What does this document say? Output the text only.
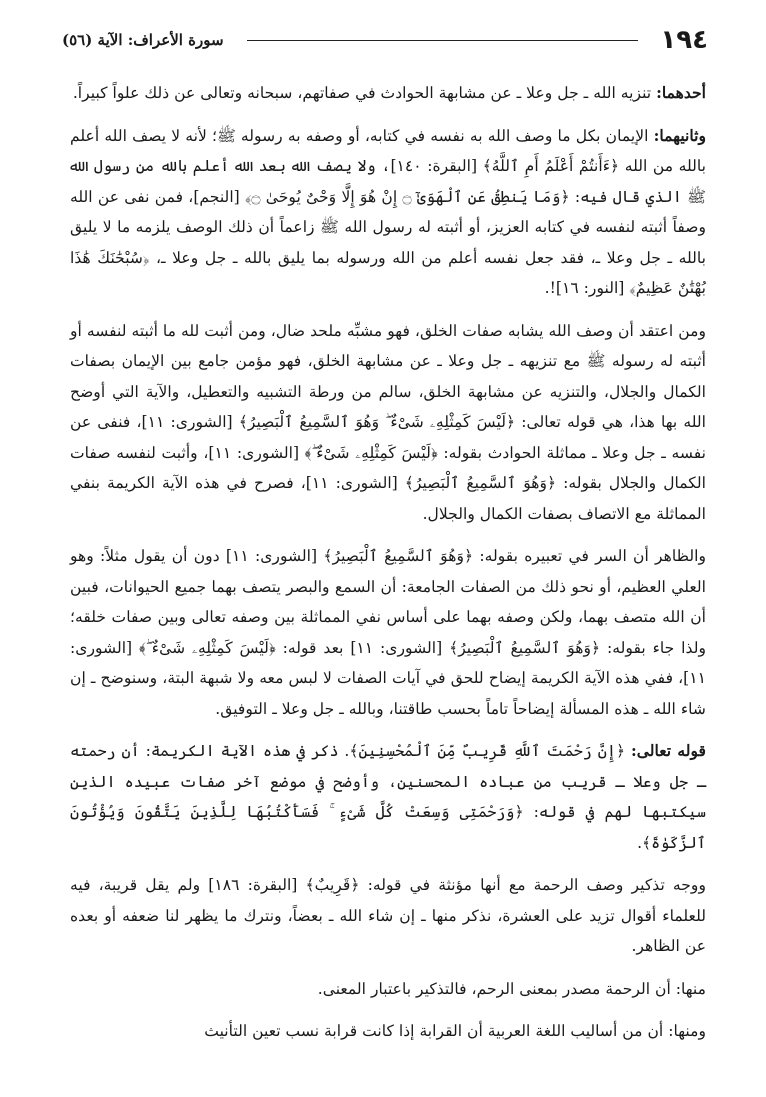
١٩٤
سورة الأعراف: الآية (٥٦)

أحدهما: تنزيه الله ـ جل وعلا ـ عن مشابهة الحوادث في صفاتهم، سبحانه وتعالى عن ذلك علواً كبيراً.

وثانيهما: الإيمان بكل ما وصف الله به نفسه في كتابه، أو وصفه به رسوله ﷺ؛ لأنه لا يصف الله أعلم بالله من الله ﴿ءَأَنتُمْ أَعْلَمُ أَمِ ٱللَّهُ﴾ [البقرة: ١٤٠]، ولا يصف الله بعد الله أعلم بالله من رسول الله ﷺ الذي قال فيه: ﴿وَمَا يَنطِقُ عَنِ ٱلْهَوَىٰٓ ۝ إِنْ هُوَ إِلَّا وَحْىٌ يُوحَىٰ ۝﴾ [النجم]، فمن نفى عن الله وصفاً أثبته لنفسه في كتابه العزيز، أو أثبته له رسول الله ﷺ زاعماً أن ذلك الوصف يلزمه ما لا يليق بالله ـ جل وعلا ـ، فقد جعل نفسه أعلم من الله ورسوله بما يليق بالله ـ جل وعلا ـ، ﴿سُبْحَٰنَكَ هَٰذَا بُهْتَٰنٌ عَظِيمٌ﴾ [النور: ١٦]!.

ومن اعتقد أن وصف الله يشابه صفات الخلق، فهو مشبِّه ملحد ضال، ومن أثبت لله ما أثبته لنفسه أو أثبته له رسوله ﷺ مع تنزيهه ـ جل وعلا ـ عن مشابهة الخلق، فهو مؤمن جامع بين الإيمان بصفات الكمال والجلال، والتنزيه عن مشابهة الخلق، سالم من ورطة التشبيه والتعطيل، والآية التي أوضح الله بها هذا، هي قوله تعالى: ﴿لَيْسَ كَمِثْلِهِۦ شَىْءٌ ۖ وَهُوَ ٱلسَّمِيعُ ٱلْبَصِيرُ﴾ [الشورى: ١١]، فنفى عن نفسه ـ جل وعلا ـ مماثلة الحوادث بقوله: ﴿لَيْسَ كَمِثْلِهِۦ شَىْءٌ ۖ﴾ [الشورى: ١١]، وأثبت لنفسه صفات الكمال والجلال بقوله: ﴿وَهُوَ ٱلسَّمِيعُ ٱلْبَصِيرُ﴾ [الشورى: ١١]، فصرح في هذه الآية الكريمة بنفي المماثلة مع الاتصاف بصفات الكمال والجلال.

والظاهر أن السر في تعبيره بقوله: ﴿وَهُوَ ٱلسَّمِيعُ ٱلْبَصِيرُ﴾ [الشورى: ١١] دون أن يقول مثلاً: وهو العلي العظيم، أو نحو ذلك من الصفات الجامعة: أن السمع والبصر يتصف بهما جميع الحيوانات، فبين أن الله متصف بهما، ولكن وصفه بهما على أساس نفي المماثلة بين وصفه تعالى وبين صفات خلقه؛ ولذا جاء بقوله: ﴿وَهُوَ ٱلسَّمِيعُ ٱلْبَصِيرُ﴾ [الشورى: ١١] بعد قوله: ﴿لَيْسَ كَمِثْلِهِۦ شَىْءٌ ۖ﴾ [الشورى: ١١]، ففي هذه الآية الكريمة إيضاح للحق في آيات الصفات لا لبس معه ولا شبهة البتة، وسنوضح ـ إن شاء الله ـ هذه المسألة إيضاحاً تاماً بحسب طاقتنا، وبالله ـ جل وعلا ـ التوفيق.

قوله تعالى: ﴿إِنَّ رَحْمَتَ ٱللَّهِ قَرِيبٌ مِّنَ ٱلْمُحْسِنِينَ﴾. ذكر في هذه الآية الكريمة: أن رحمته ـ جل وعلا ـ قريب من عباده المحسنين، وأوضح في موضع آخر صفات عبيده الذين سيكتبها لهم في قوله: ﴿وَرَحْمَتِى وَسِعَتْ كُلَّ شَىْءٍ ۚ فَسَأَكْتُبُهَا لِلَّذِينَ يَتَّقُونَ وَيُؤْتُونَ ٱلزَّكَوٰةَ﴾.

ووجه تذكير وصف الرحمة مع أنها مؤنثة في قوله: ﴿قَرِيبٌ﴾ [البقرة: ١٨٦] ولم يقل قريبة، فيه للعلماء أقوال تزيد على العشرة، نذكر منها ـ إن شاء الله ـ بعضاً، ونترك ما يظهر لنا ضعفه أو بعده عن الظاهر.

منها: أن الرحمة مصدر بمعنى الرحم، فالتذكير باعتبار المعنى.

ومنها: أن من أساليب اللغة العربية أن القرابة إذا كانت قرابة نسب تعين التأنيث
